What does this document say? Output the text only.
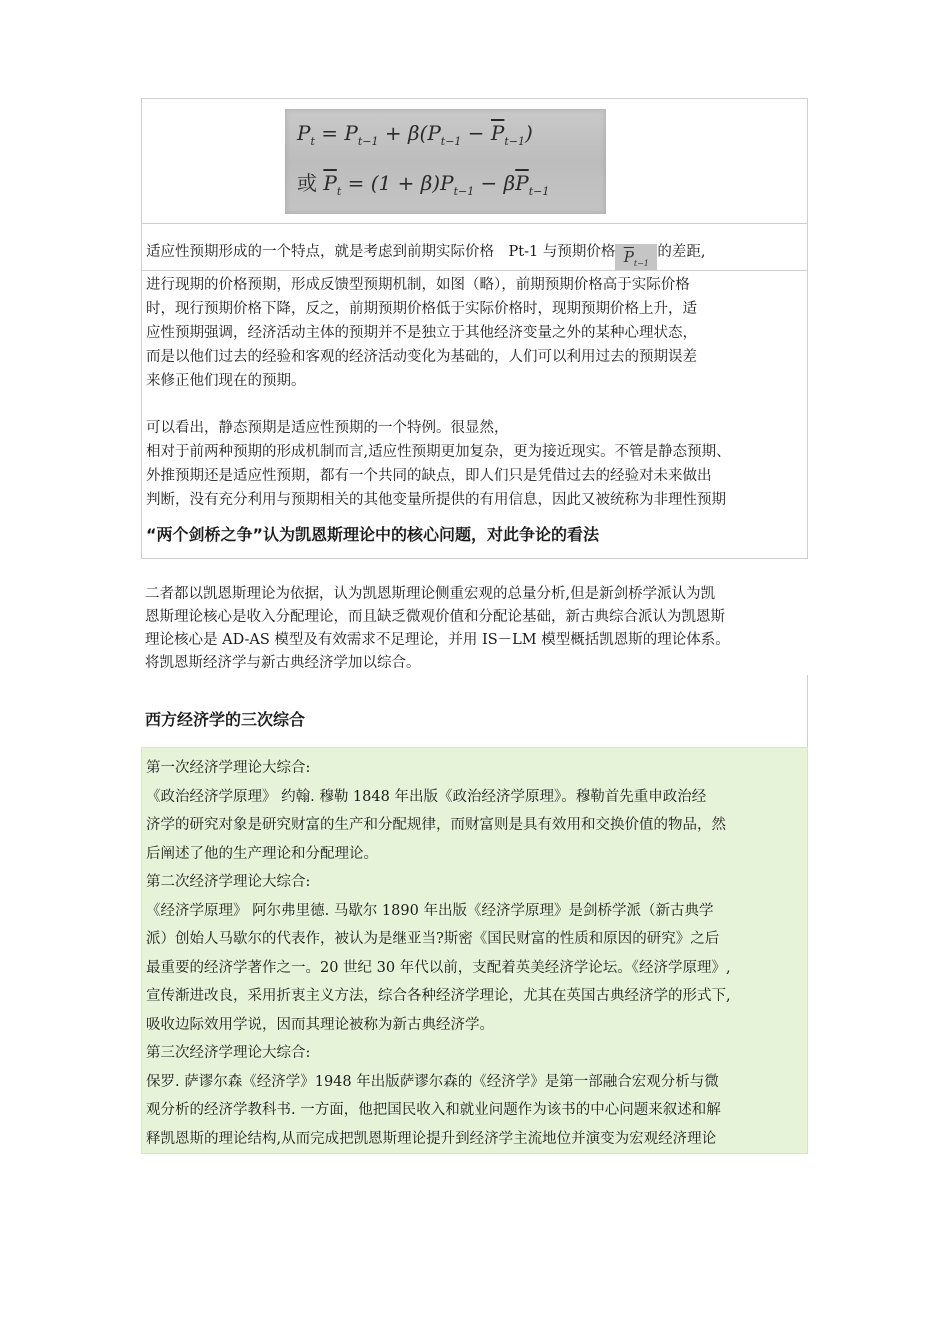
$P_t = P_{t-1} + \beta(P_{t-1} - \overline{P}_{t-1})$
或 $\overline{P}_t = (1 + \beta)P_{t-1} - \beta\overline{P}_{t-1}$
适应性预期形成的一个特点，就是考虑到前期实际价格　Pt-1 与预期价格 $\overline{P}_{t-1}$的差距,
进行现期的价格预期，形成反馈型预期机制，如图（略），前期预期价格高于实际价格
时，现行预期价格下降，反之，前期预期价格低于实际价格时，现期预期价格上升，适
应性预期强调，经济活动主体的预期并不是独立于其他经济变量之外的某种心理状态，
而是以他们过去的经验和客观的经济活动变化为基础的，人们可以利用过去的预期误差
来修正他们现在的预期。
可以看出，静态预期是适应性预期的一个特例。很显然，
相对于前两种预期的形成机制而言,适应性预期更加复杂，更为接近现实。不管是静态预期、
外推预期还是适应性预期，都有一个共同的缺点，即人们只是凭借过去的经验对未来做出
判断，没有充分利用与预期相关的其他变量所提供的有用信息，因此又被统称为非理性预期
“两个剑桥之争”认为凯恩斯理论中的核心问题，对此争论的看法
二者都以凯恩斯理论为依据，认为凯恩斯理论侧重宏观的总量分析,但是新剑桥学派认为凯
恩斯理论核心是收入分配理论，而且缺乏微观价值和分配论基础，新古典综合派认为凯恩斯
理论核心是 AD-AS 模型及有效需求不足理论，并用 IS－LM 模型概括凯恩斯的理论体系。
将凯恩斯经济学与新古典经济学加以综合。
西方经济学的三次综合

第一次经济学理论大综合:

《政治经济学原理》 约翰. 穆勒 1848 年出版《政治经济学原理》。穆勒首先重申政治经

济学的研究对象是研究财富的生产和分配规律，而财富则是具有效用和交换价值的物品，然

后阐述了他的生产理论和分配理论。

第二次经济学理论大综合:

《经济学原理》 阿尔弗里德. 马歇尔 1890 年出版《经济学原理》是剑桥学派（新古典学

派）创始人马歇尔的代表作，被认为是继亚当?斯密《国民财富的性质和原因的研究》之后

最重要的经济学著作之一。20 世纪 30 年代以前，支配着英美经济学论坛。《经济学原理》,

宣传渐进改良，采用折衷主义方法，综合各种经济学理论，尤其在英国古典经济学的形式下,

吸收边际效用学说，因而其理论被称为新古典经济学。

第三次经济学理论大综合:

保罗. 萨谬尔森《经济学》1948 年出版萨谬尔森的《经济学》是第一部融合宏观分析与微

观分析的经济学教科书. 一方面，他把国民收入和就业问题作为该书的中心问题来叙述和解

释凯恩斯的理论结构,从而完成把凯恩斯理论提升到经济学主流地位并演变为宏观经济理论
